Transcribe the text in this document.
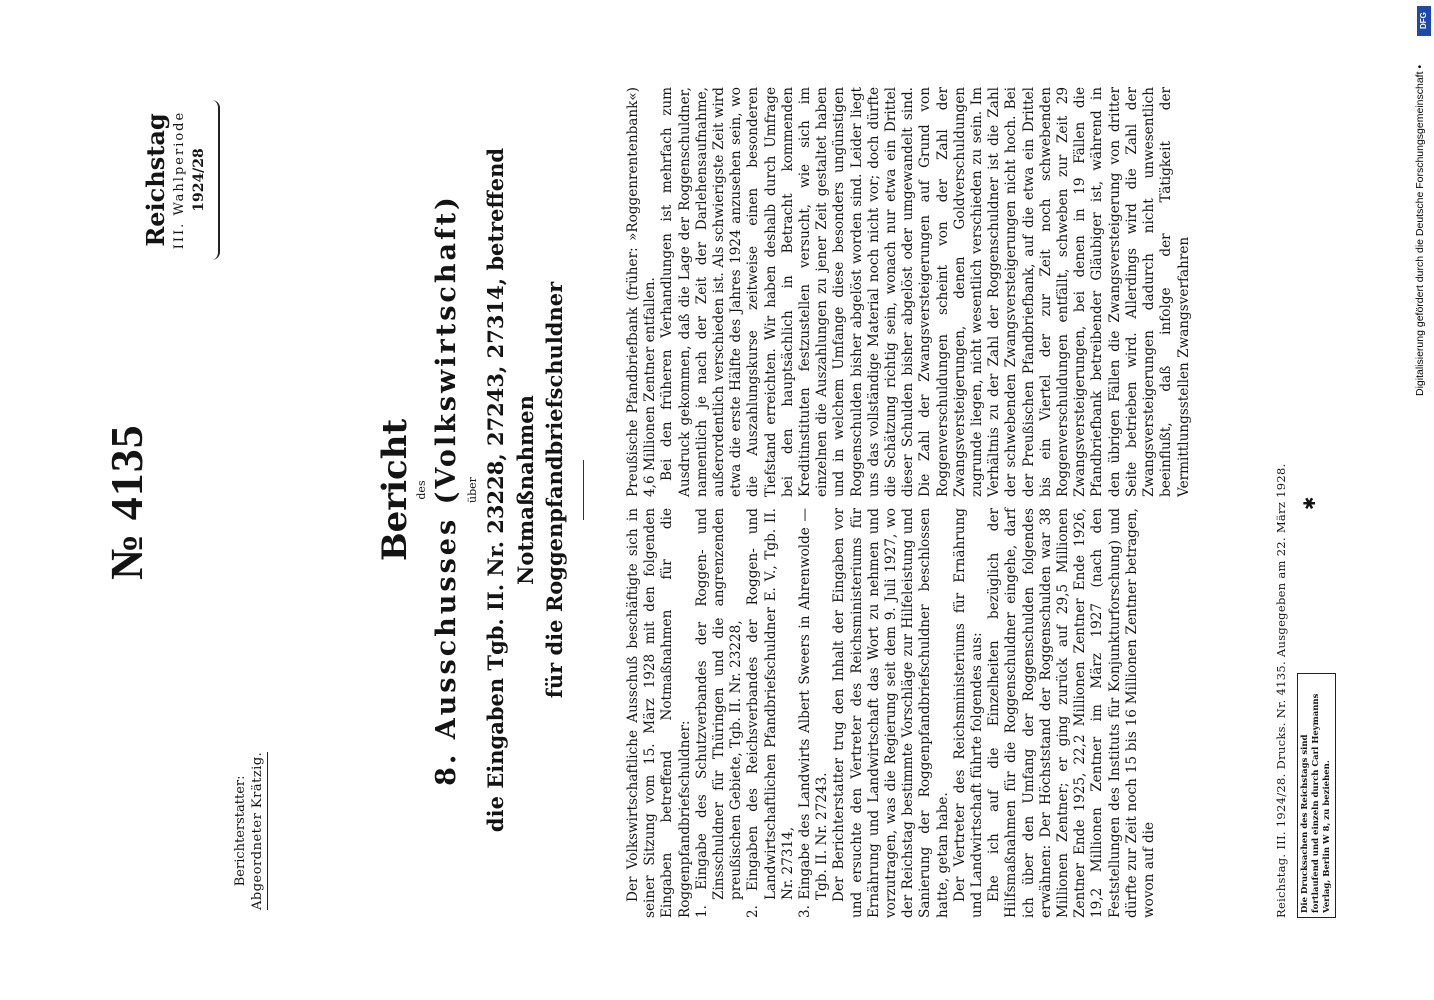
№ 4135
Reichstag III. Wahlperiode 1924/28
Berichterstatter: Abgeordneter Krätzig.
Bericht des 8. Ausschusses (Volkswirtschaft) über die Eingaben Tgb. II. Nr. 23228, 27243, 27314, betreffend Notmaßnahmen für die Roggenpfandbriefschuldner

Der Volkswirtschaftliche Ausschuß beschäftigte sich in seiner Sitzung vom 15. März 1928 mit den folgenden Eingaben betreffend Notmaßnahmen für die Roggenpfandbriefschuldner: 1. Eingabe des Schutzverbandes der Roggen- und Zinsschuldner für Thüringen und die angrenzenden preußischen Gebiete, Tgb. II. Nr. 23228, 2. Eingaben des Reichsverbandes der Roggen- und Landwirtschaftlichen Pfandbriefschuldner E. V., Tgb. II. Nr. 27314, 3. Eingabe des Landwirts Albert Sweers in Ahrenwolde — Tgb. II. Nr. 27243. Der Berichterstatter trug den Inhalt der Eingaben vor und ersuchte den Vertreter des Reichsministeriums für Ernährung und Landwirtschaft das Wort zu nehmen und vorzutragen, was die Regierung seit dem 9. Juli 1927, wo der Reichstag bestimmte Vorschläge zur Hilfeleistung und Sanierung der Roggenpfandbriefschuldner beschlossen hatte, getan habe. Der Vertreter des Reichsministeriums für Ernährung und Landwirtschaft führte folgendes aus: Ehe ich auf die Einzelheiten bezüglich der Hilfsmaßnahmen für die Roggenschuldner eingehe, darf ich über den Umfang der Roggenschulden folgendes erwähnen: Der Höchststand der Roggenschulden war 38 Millionen Zentner; er ging zurück auf 29,5 Millionen Zentner Ende 1925, 22,2 Millionen Zentner Ende 1926, 19,2 Millionen Zentner im März 1927 (nach den Feststellungen des Instituts für Konjunkturforschung) und dürfte zur Zeit noch 15 bis 16 Millionen Zentner betragen, wovon auf die

Preußische Pfandbriefbank (früher: »Roggenrentenbank«) 4,6 Millionen Zentner entfallen. Bei den früheren Verhandlungen ist mehrfach zum Ausdruck gekommen, daß die Lage der Roggenschuldner, namentlich je nach der Zeit der Darlehensaufnahme, außerordentlich verschieden ist. Als schwierigste Zeit wird etwa die erste Hälfte des Jahres 1924 anzusehen sein, wo die Auszahlungskurse zeitweise einen besonderen Tiefstand erreichten. Wir haben deshalb durch Umfrage bei den hauptsächlich in Betracht kommenden Kreditinstituten festzustellen versucht, wie sich im einzelnen die Auszahlungen zu jener Zeit gestaltet haben und in welchem Umfange diese besonders ungünstigen Roggenschulden bisher abgelöst worden sind. Leider liegt uns das vollständige Material noch nicht vor; doch dürfte die Schätzung richtig sein, wonach nur etwa ein Drittel dieser Schulden bisher abgelöst oder umgewandelt sind. Die Zahl der Zwangsversteigerungen auf Grund von Roggenverschuldungen scheint von der Zahl der Zwangsversteigerungen, denen Goldverschuldungen zugrunde liegen, nicht wesentlich verschieden zu sein. Im Verhältnis zu der Zahl der Roggenschuldner ist die Zahl der schwebenden Zwangsversteigerungen nicht hoch. Bei der Preußischen Pfandbriefbank, auf die etwa ein Drittel bis ein Viertel der zur Zeit noch schwebenden Roggenverschuldungen entfällt, schweben zur Zeit 29 Zwangsversteigerungen, bei denen in 19 Fällen die Pfandbriefbank betreibender Gläubiger ist, während in den übrigen Fällen die Zwangsversteigerung von dritter Seite betrieben wird. Allerdings wird die Zahl der Zwangsversteigerungen dadurch nicht unwesentlich beeinflußt, daß infolge der Tätigkeit der Vermittlungsstellen Zwangsverfahren

Reichstag. III. 1924/28. Drucks. Nr. 4135. Ausgegeben am 22. März 1928. ✱
Die Drucksachen des Reichstags sind fortlaufend und einzeln durch Carl Heymanns Verlag, Berlin W 8, zu beziehen.
DFG
Digitalisierung gefördert durch die Deutsche Forschungsgemeinschaft •
